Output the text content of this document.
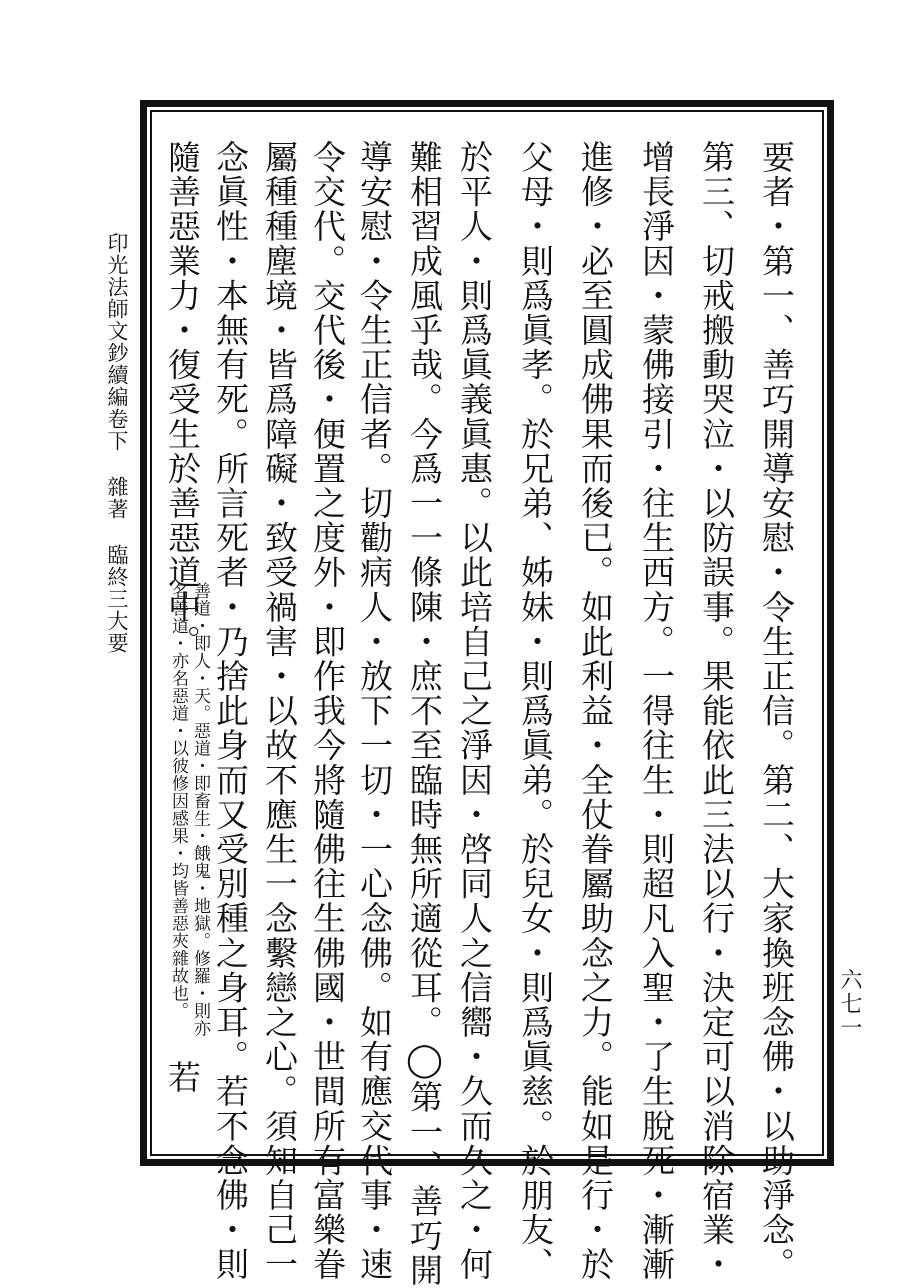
印光法師文鈔續編卷下雜著臨終三大要
六七一
要者・第一、善巧開導安慰・令生正信。第二、大家換班念佛・以助淨念。
第三、切戒搬動哭泣・以防誤事。果能依此三法以行・決定可以消除宿業・
增長淨因・蒙佛接引・往生西方。一得往生・則超凡入聖・了生脫死・漸漸
進修・必至圓成佛果而後已。如此利益・全仗眷屬助念之力。能如是行・於
父母・則爲眞孝。於兄弟、姊妹・則爲眞弟。於兒女・則爲眞慈。於朋友、
於平人・則爲眞義眞惠。以此培自己之淨因・啓同人之信嚮・久而久之・何
難相習成風乎哉。今爲一一條陳・庶不至臨時無所適從耳。◯第一、善巧開
導安慰・令生正信者。切勸病人・放下一切・一心念佛。如有應交代事・速
令交代。交代後・便置之度外・即作我今將隨佛往生佛國・世間所有富樂眷
屬種種塵境・皆爲障礙・致受禍害・以故不應生一念繫戀之心。須知自己一
念眞性・本無有死。所言死者・乃捨此身而又受別種之身耳。若不念佛・則
隨善惡業力・復受生於善惡道中。
善道・即人・天。惡道・即畜生・餓鬼・地獄。修羅・則亦
名善道・亦名惡道・以彼修因感果・均皆善惡夾雜故也。
若
